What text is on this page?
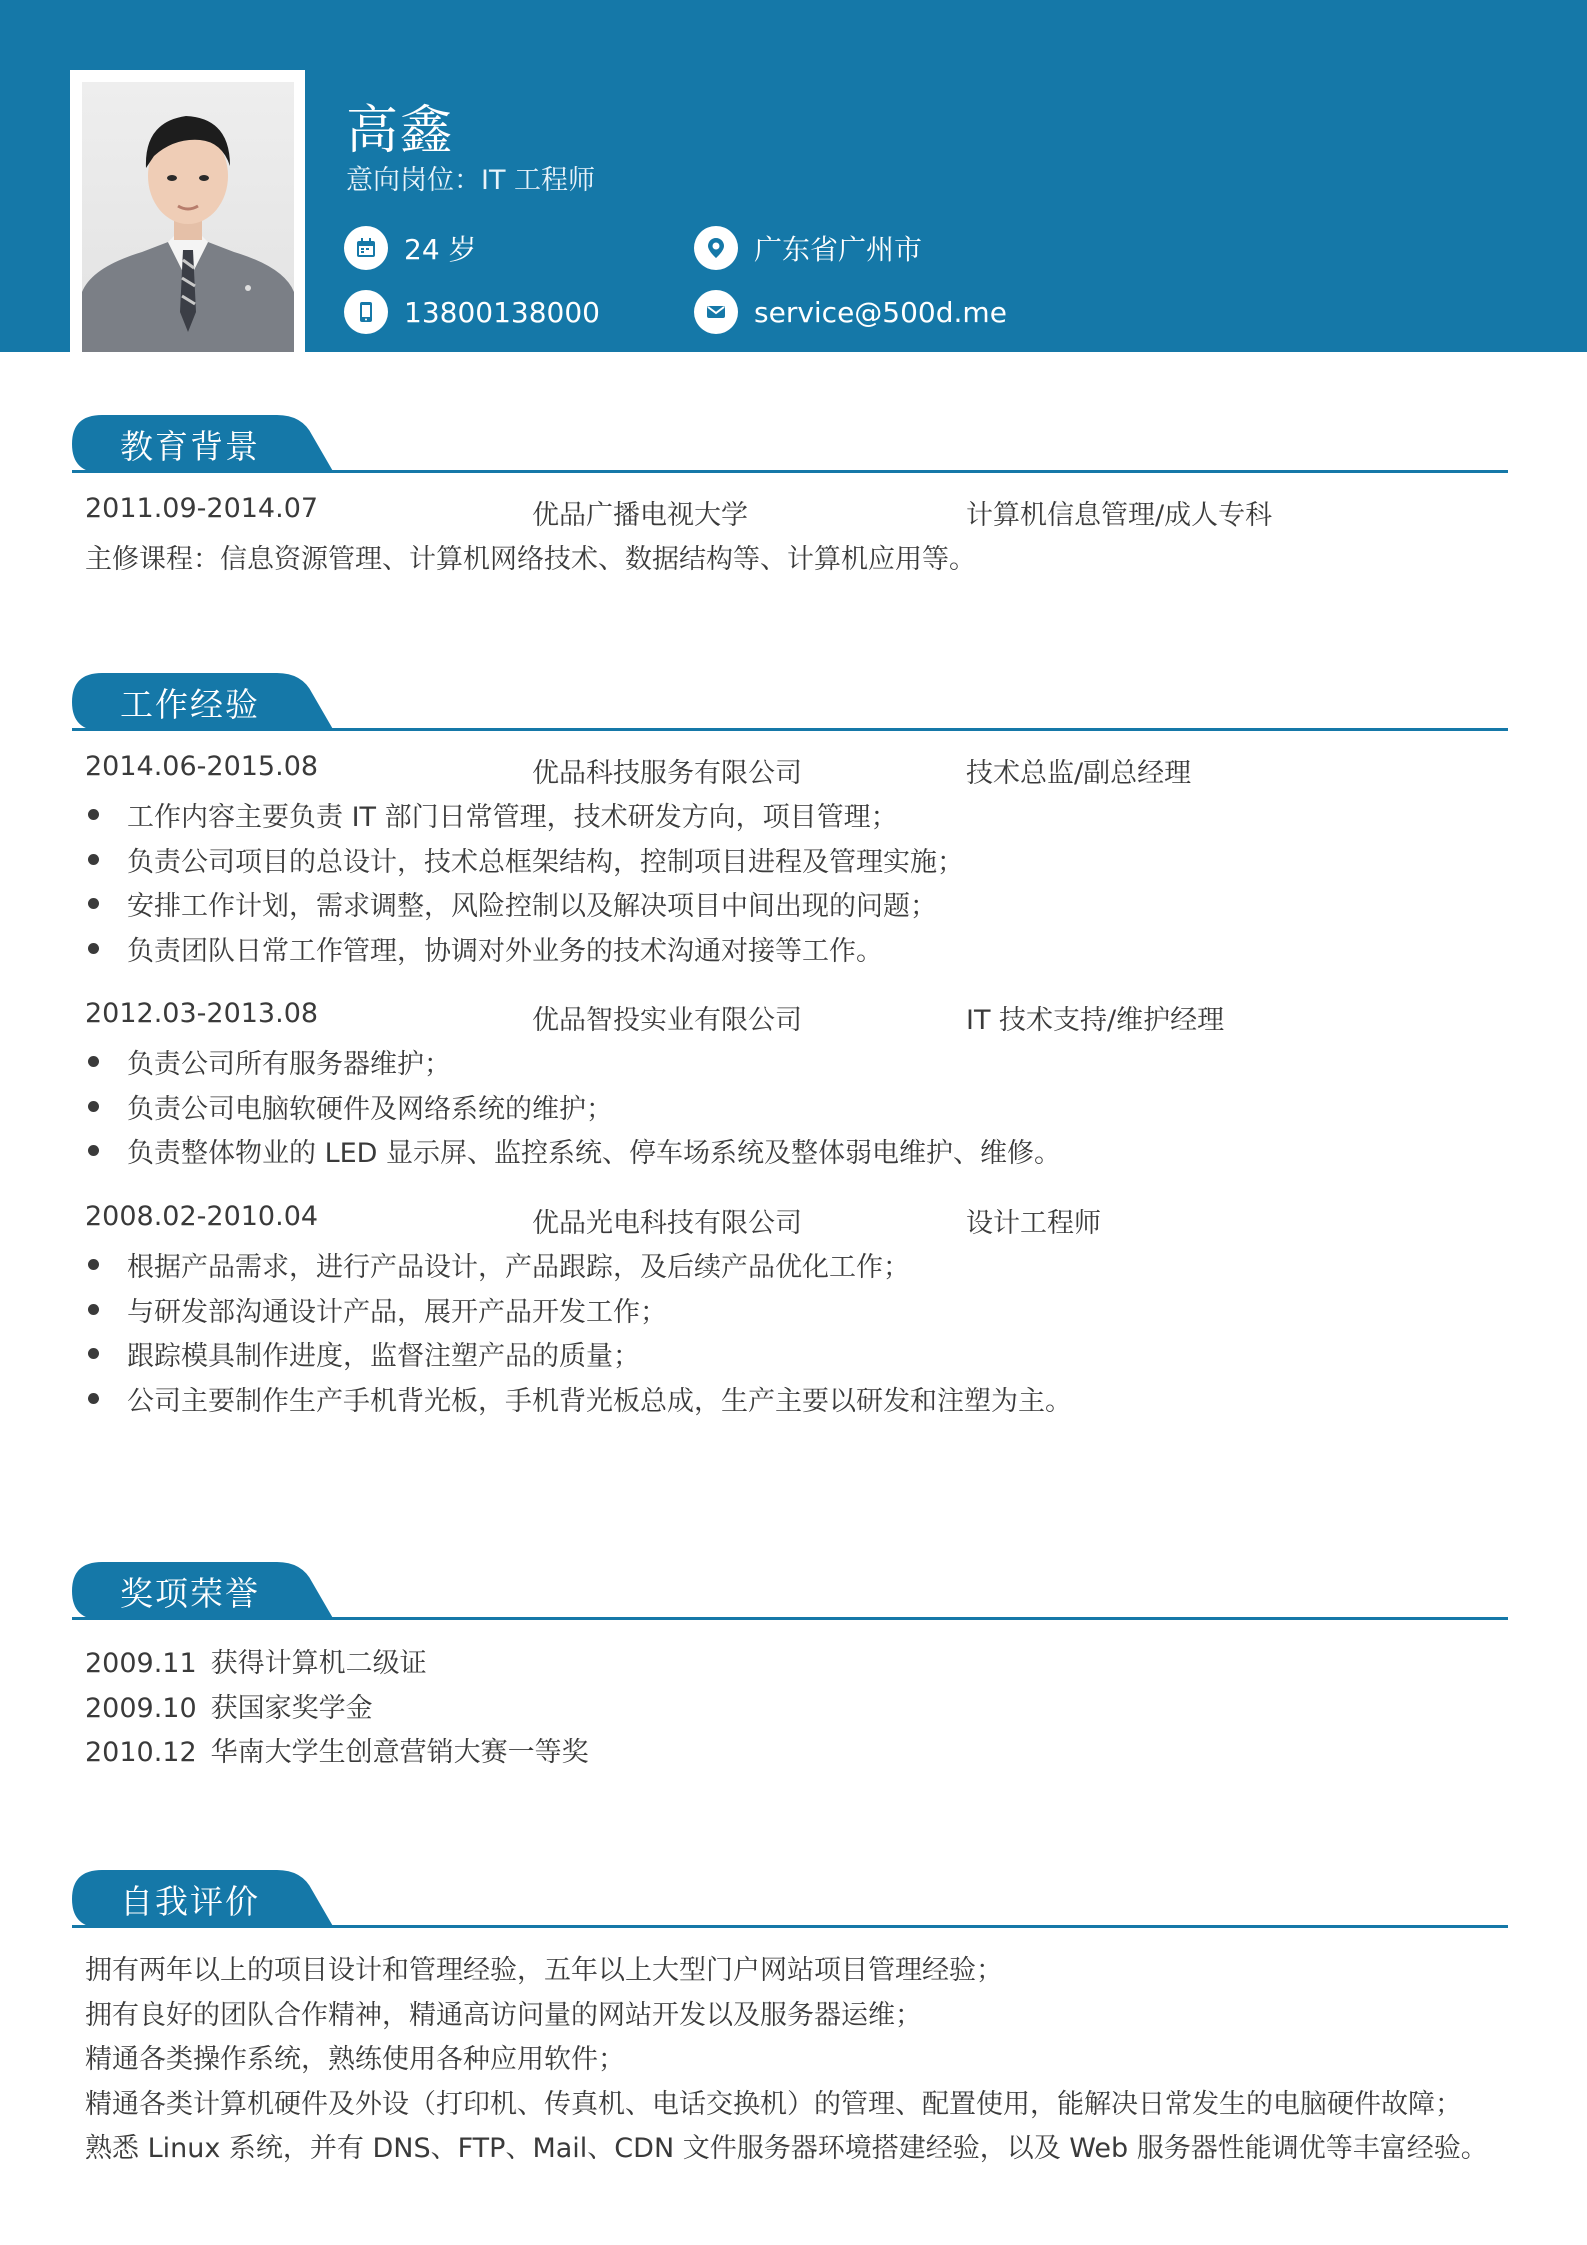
高鑫
意向岗位：IT 工程师
24 岁	广东省广州市
13800138000	service@500d.me
教育背景
2011.09-2014.07	优品广播电视大学	计算机信息管理/成人专科
主修课程：信息资源管理、计算机网络技术、数据结构等、计算机应用等。
工作经验
2014.06-2015.08	优品科技服务有限公司	技术总监/副总经理
工作内容主要负责 IT 部门日常管理，技术研发方向，项目管理；
负责公司项目的总设计，技术总框架结构，控制项目进程及管理实施；
安排工作计划，需求调整，风险控制以及解决项目中间出现的问题；
负责团队日常工作管理，协调对外业务的技术沟通对接等工作。
2012.03-2013.08	优品智投实业有限公司	IT 技术支持/维护经理
负责公司所有服务器维护；
负责公司电脑软硬件及网络系统的维护；
负责整体物业的 LED 显示屏、监控系统、停车场系统及整体弱电维护、维修。
2008.02-2010.04	优品光电科技有限公司	设计工程师
根据产品需求，进行产品设计，产品跟踪，及后续产品优化工作；
与研发部沟通设计产品，展开产品开发工作；
跟踪模具制作进度，监督注塑产品的质量；
公司主要制作生产手机背光板，手机背光板总成，生产主要以研发和注塑为主。
奖项荣誉
2009.11 获得计算机二级证
2009.10 获国家奖学金
2010.12 华南大学生创意营销大赛一等奖
自我评价
拥有两年以上的项目设计和管理经验，五年以上大型门户网站项目管理经验；
拥有良好的团队合作精神，精通高访问量的网站开发以及服务器运维；
精通各类操作系统，熟练使用各种应用软件；
精通各类计算机硬件及外设（打印机、传真机、电话交换机）的管理、配置使用，能解决日常发生的电脑硬件故障；
熟悉 Linux 系统，并有 DNS、FTP、Mail、CDN 文件服务器环境搭建经验，以及 Web 服务器性能调优等丰富经验。
